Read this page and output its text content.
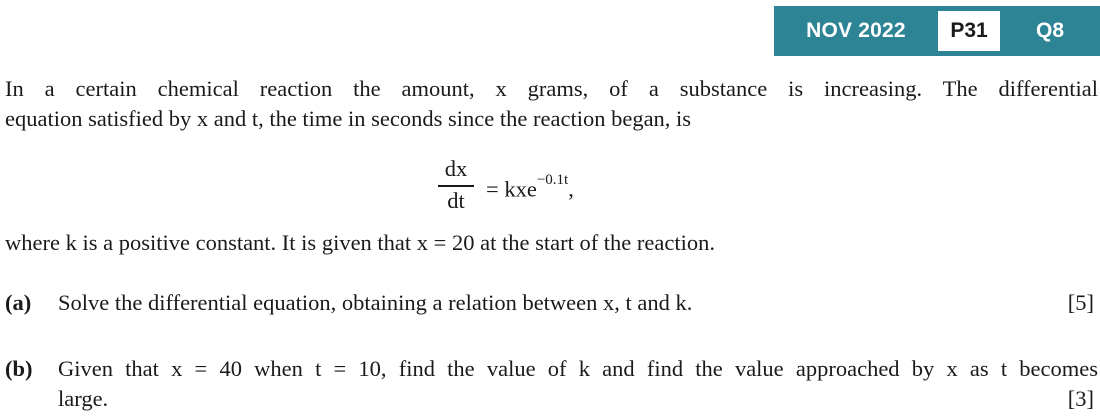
NOV 2022	P31	Q8
In a certain chemical reaction the amount, x grams, of a substance is increasing. The differential
equation satisfied by x and t, the time in seconds since the reaction began, is
dx
dt = kxe$^{-0.1t}$,
where k is a positive constant. It is given that x = 20 at the start of the reaction.
(a) Solve the differential equation, obtaining a relation between x, t and k.	[5]
(b) Given that x = 40 when t = 10, find the value of k and find the value approached by x as t becomes
large.	[3]
